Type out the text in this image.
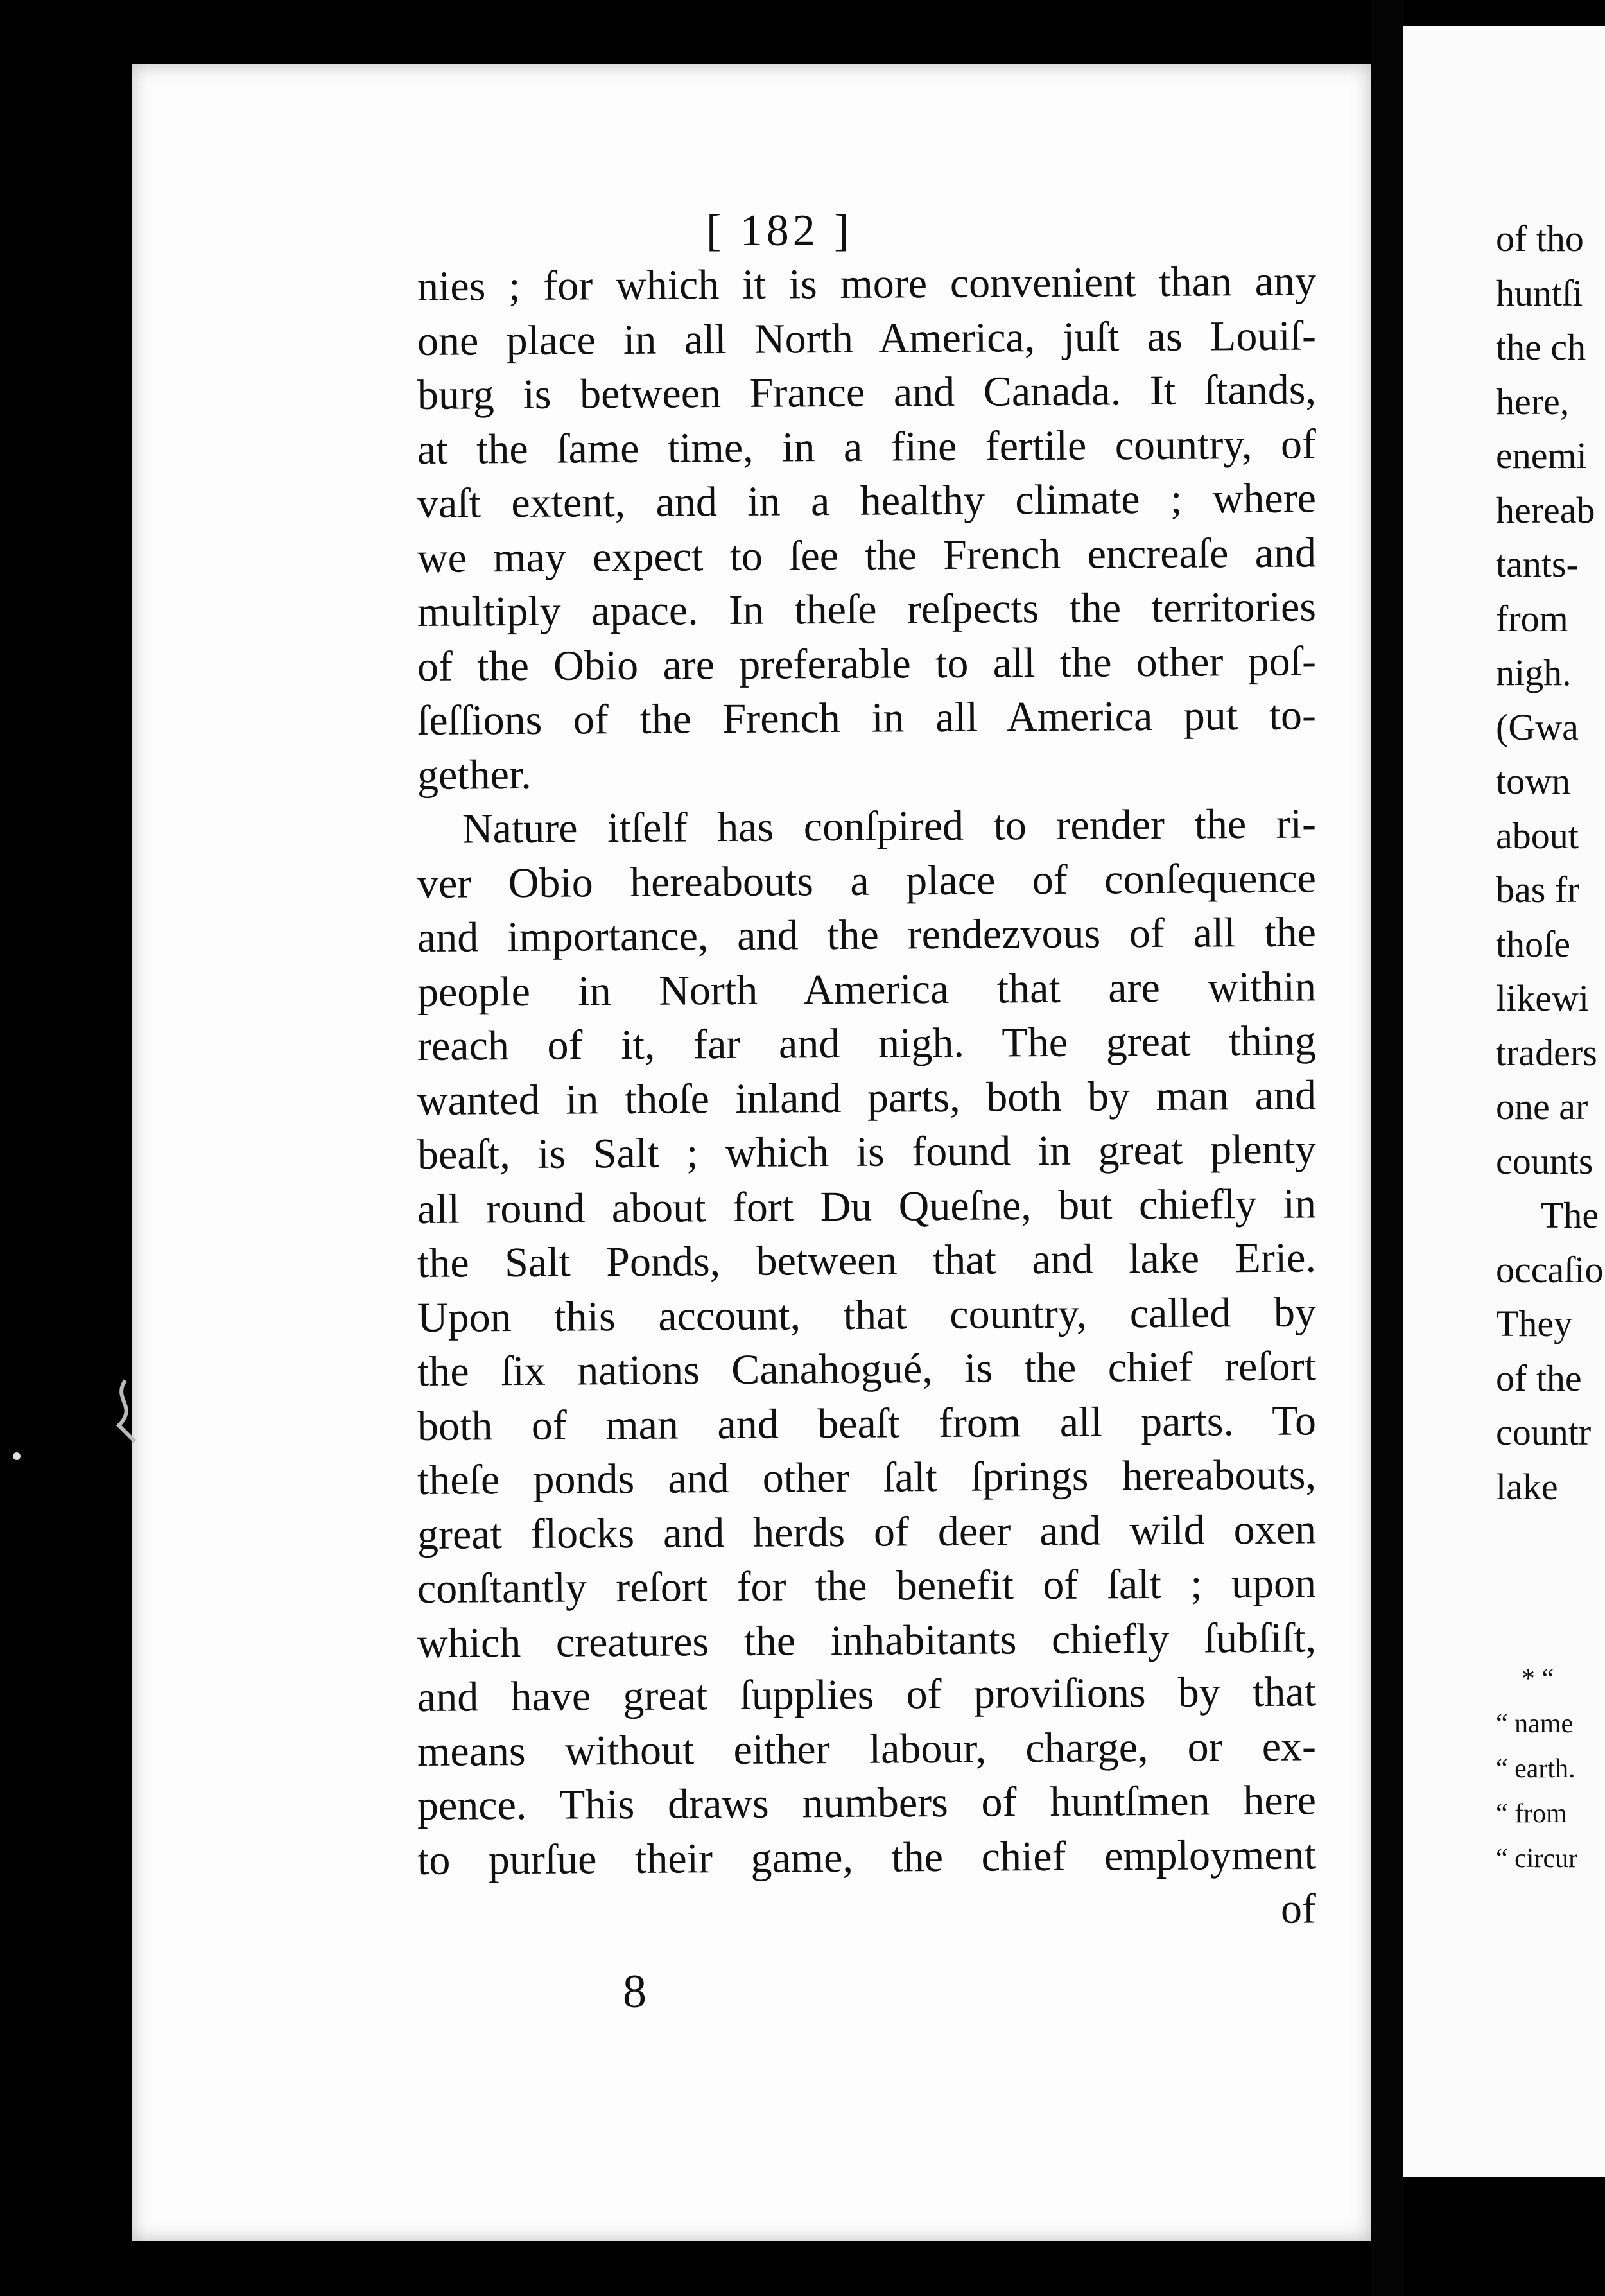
[ 182 ]
nies ; for which it is more convenient than any
one place in all North America, juſt as Louiſ-
burg is between France and Canada. It ſtands,
at the ſame time, in a fine fertile country, of
vaſt extent, and in a healthy climate ; where
we may expect to ſee the French encreaſe and
multiply apace. In theſe reſpects the territories
of the Obio are preferable to all the other poſ-
ſeſſions of the French in all America put to-
gether.
Nature itſelf has conſpired to render the ri-
ver Obio hereabouts a place of conſequence
and importance, and the rendezvous of all the
people in North America that are within
reach of it, far and nigh. The great thing
wanted in thoſe inland parts, both by man and
beaſt, is Salt ; which is found in great plenty
all round about fort Du Queſne, but chiefly in
the Salt Ponds, between that and lake Erie.
Upon this account, that country, called by
the ſix nations Canahogué, is the chief reſort
both of man and beaſt from all parts. To
theſe ponds and other ſalt ſprings hereabouts,
great flocks and herds of deer and wild oxen
conſtantly reſort for the benefit of ſalt ; upon
which creatures the inhabitants chiefly ſubſiſt,
and have great ſupplies of proviſions by that
means without either labour, charge, or ex-
pence. This draws numbers of huntſmen here
to purſue their game, the chief employment
of
8
of tho
huntſi
the ch
here,
enemi
hereab
tants-
from
nigh.
(Gwa
town
about
bas fr
thoſe
likewi
traders
one ar
counts
The
occaſio
They
of the
countr
lake
* “
“ name
“ earth.
“ from
“ circur
